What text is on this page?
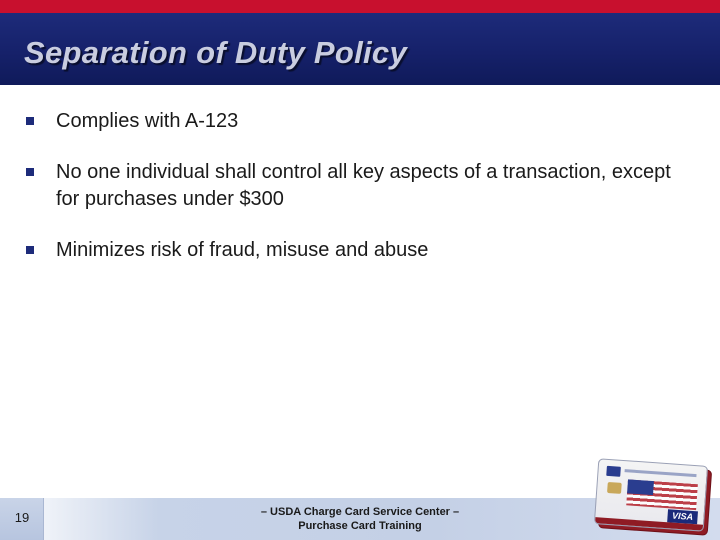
Separation of Duty Policy
Complies with A-123
No one individual shall control all key aspects of a transaction, except for purchases under $300
Minimizes risk of fraud, misuse and abuse
19	– USDA Charge Card Service Center –
Purchase Card Training
VISA
